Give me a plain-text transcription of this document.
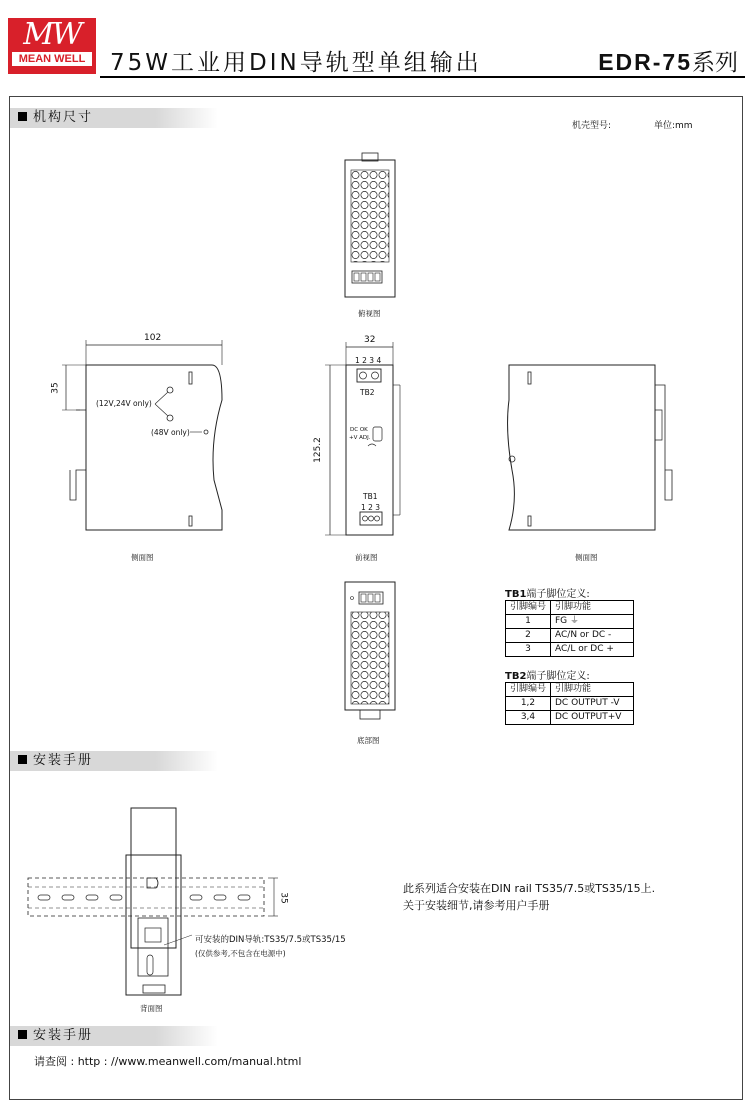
MW
MEAN WELL 75W工业用DIN导轨型单组输出	EDR-75系列
机构尺寸
机壳型号:	单位:mm
102
35
32
125.2
(12V,24V only)
(48V only)
1 2 3 4
TB2
DC OK
+V ADJ.
TB1
1 2 3
俯视图
侧面图	前视图	侧面图
底部图
TB1端子脚位定义:
引脚编号	引脚功能
1	FG ⏚
2	AC/N or DC -
3	AC/L or DC +
TB2端子脚位定义:
引脚编号	引脚功能
1,2	DC OUTPUT -V
3,4	DC OUTPUT+V
安装手册
35
可安装的DIN导轨:TS35/7.5或TS35/15
(仅供参考,不包含在电源中)
背面图
此系列适合安装在DIN rail TS35/7.5或TS35/15上.
关于安装细节,请参考用户手册
安装手册
请查阅 : http : //www.meanwell.com/manual.html
